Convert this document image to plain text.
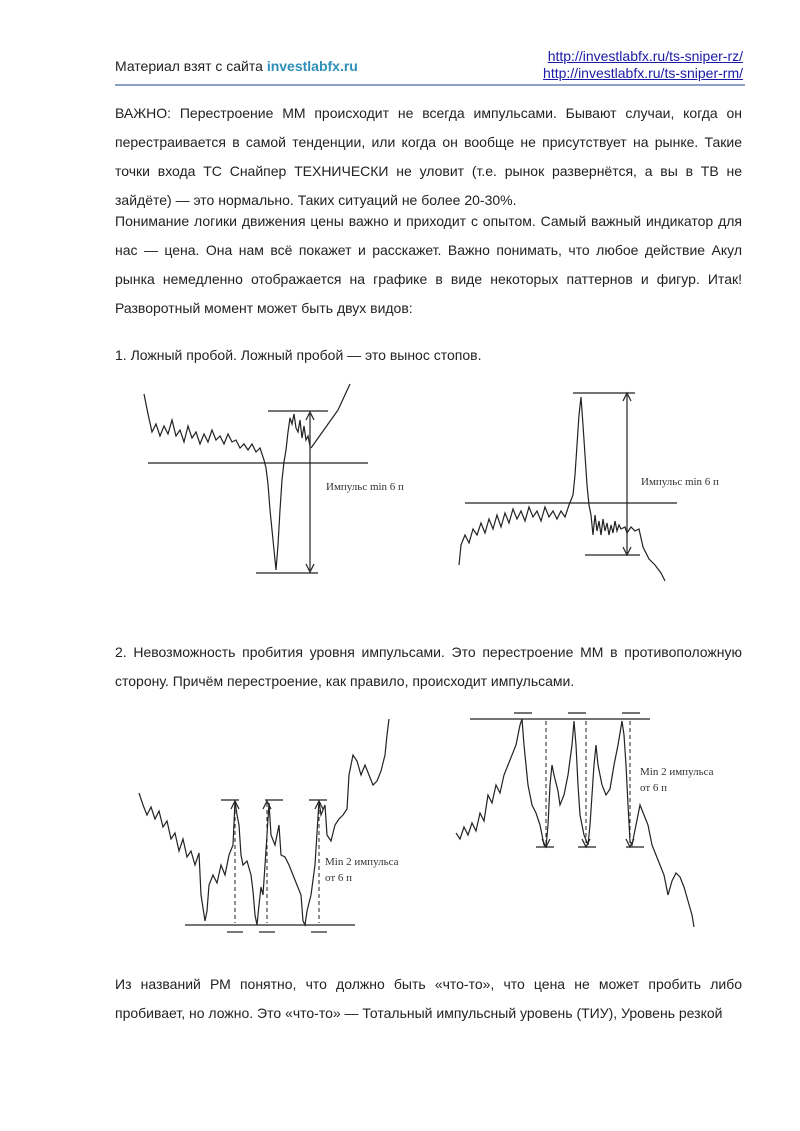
Материал взят с сайта investlabfx.ru
http://investlabfx.ru/ts-sniper-rz/
http://investlabfx.ru/ts-sniper-rm/

ВАЖНО: Перестроение ММ происходит не всегда импульсами. Бывают случаи, когда он перестраивается в самой тенденции, или когда он вообще не присутствует на рынке. Такие точки входа ТС Снайпер ТЕХНИЧЕСКИ не уловит (т.е. рынок развернётся, а вы в ТВ не зайдёте) — это нормально. Таких ситуаций не более 20-30%.

Понимание логики движения цены важно и приходит с опытом. Самый важный индикатор для нас — цена. Она нам всё покажет и расскажет. Важно понимать, что любое действие Акул рынка немедленно отображается на графике в виде некоторых паттернов и фигур. Итак! Разворотный момент может быть двух видов:

1. Ложный пробой. Ложный пробой — это вынос стопов.

Импульс min 6 п	Импульс min 6 п

2. Невозможность пробития уровня импульсами. Это перестроение ММ в противоположную сторону. Причём перестроение, как правило, происходит импульсами.

Min 2 импульса
от 6 п
Min 2 импульса
от 6 п

Из названий РМ понятно, что должно быть «что-то», что цена не может пробить либо пробивает, но ложно. Это «что-то» — Тотальный импульсный уровень (ТИУ), Уровень резкой
